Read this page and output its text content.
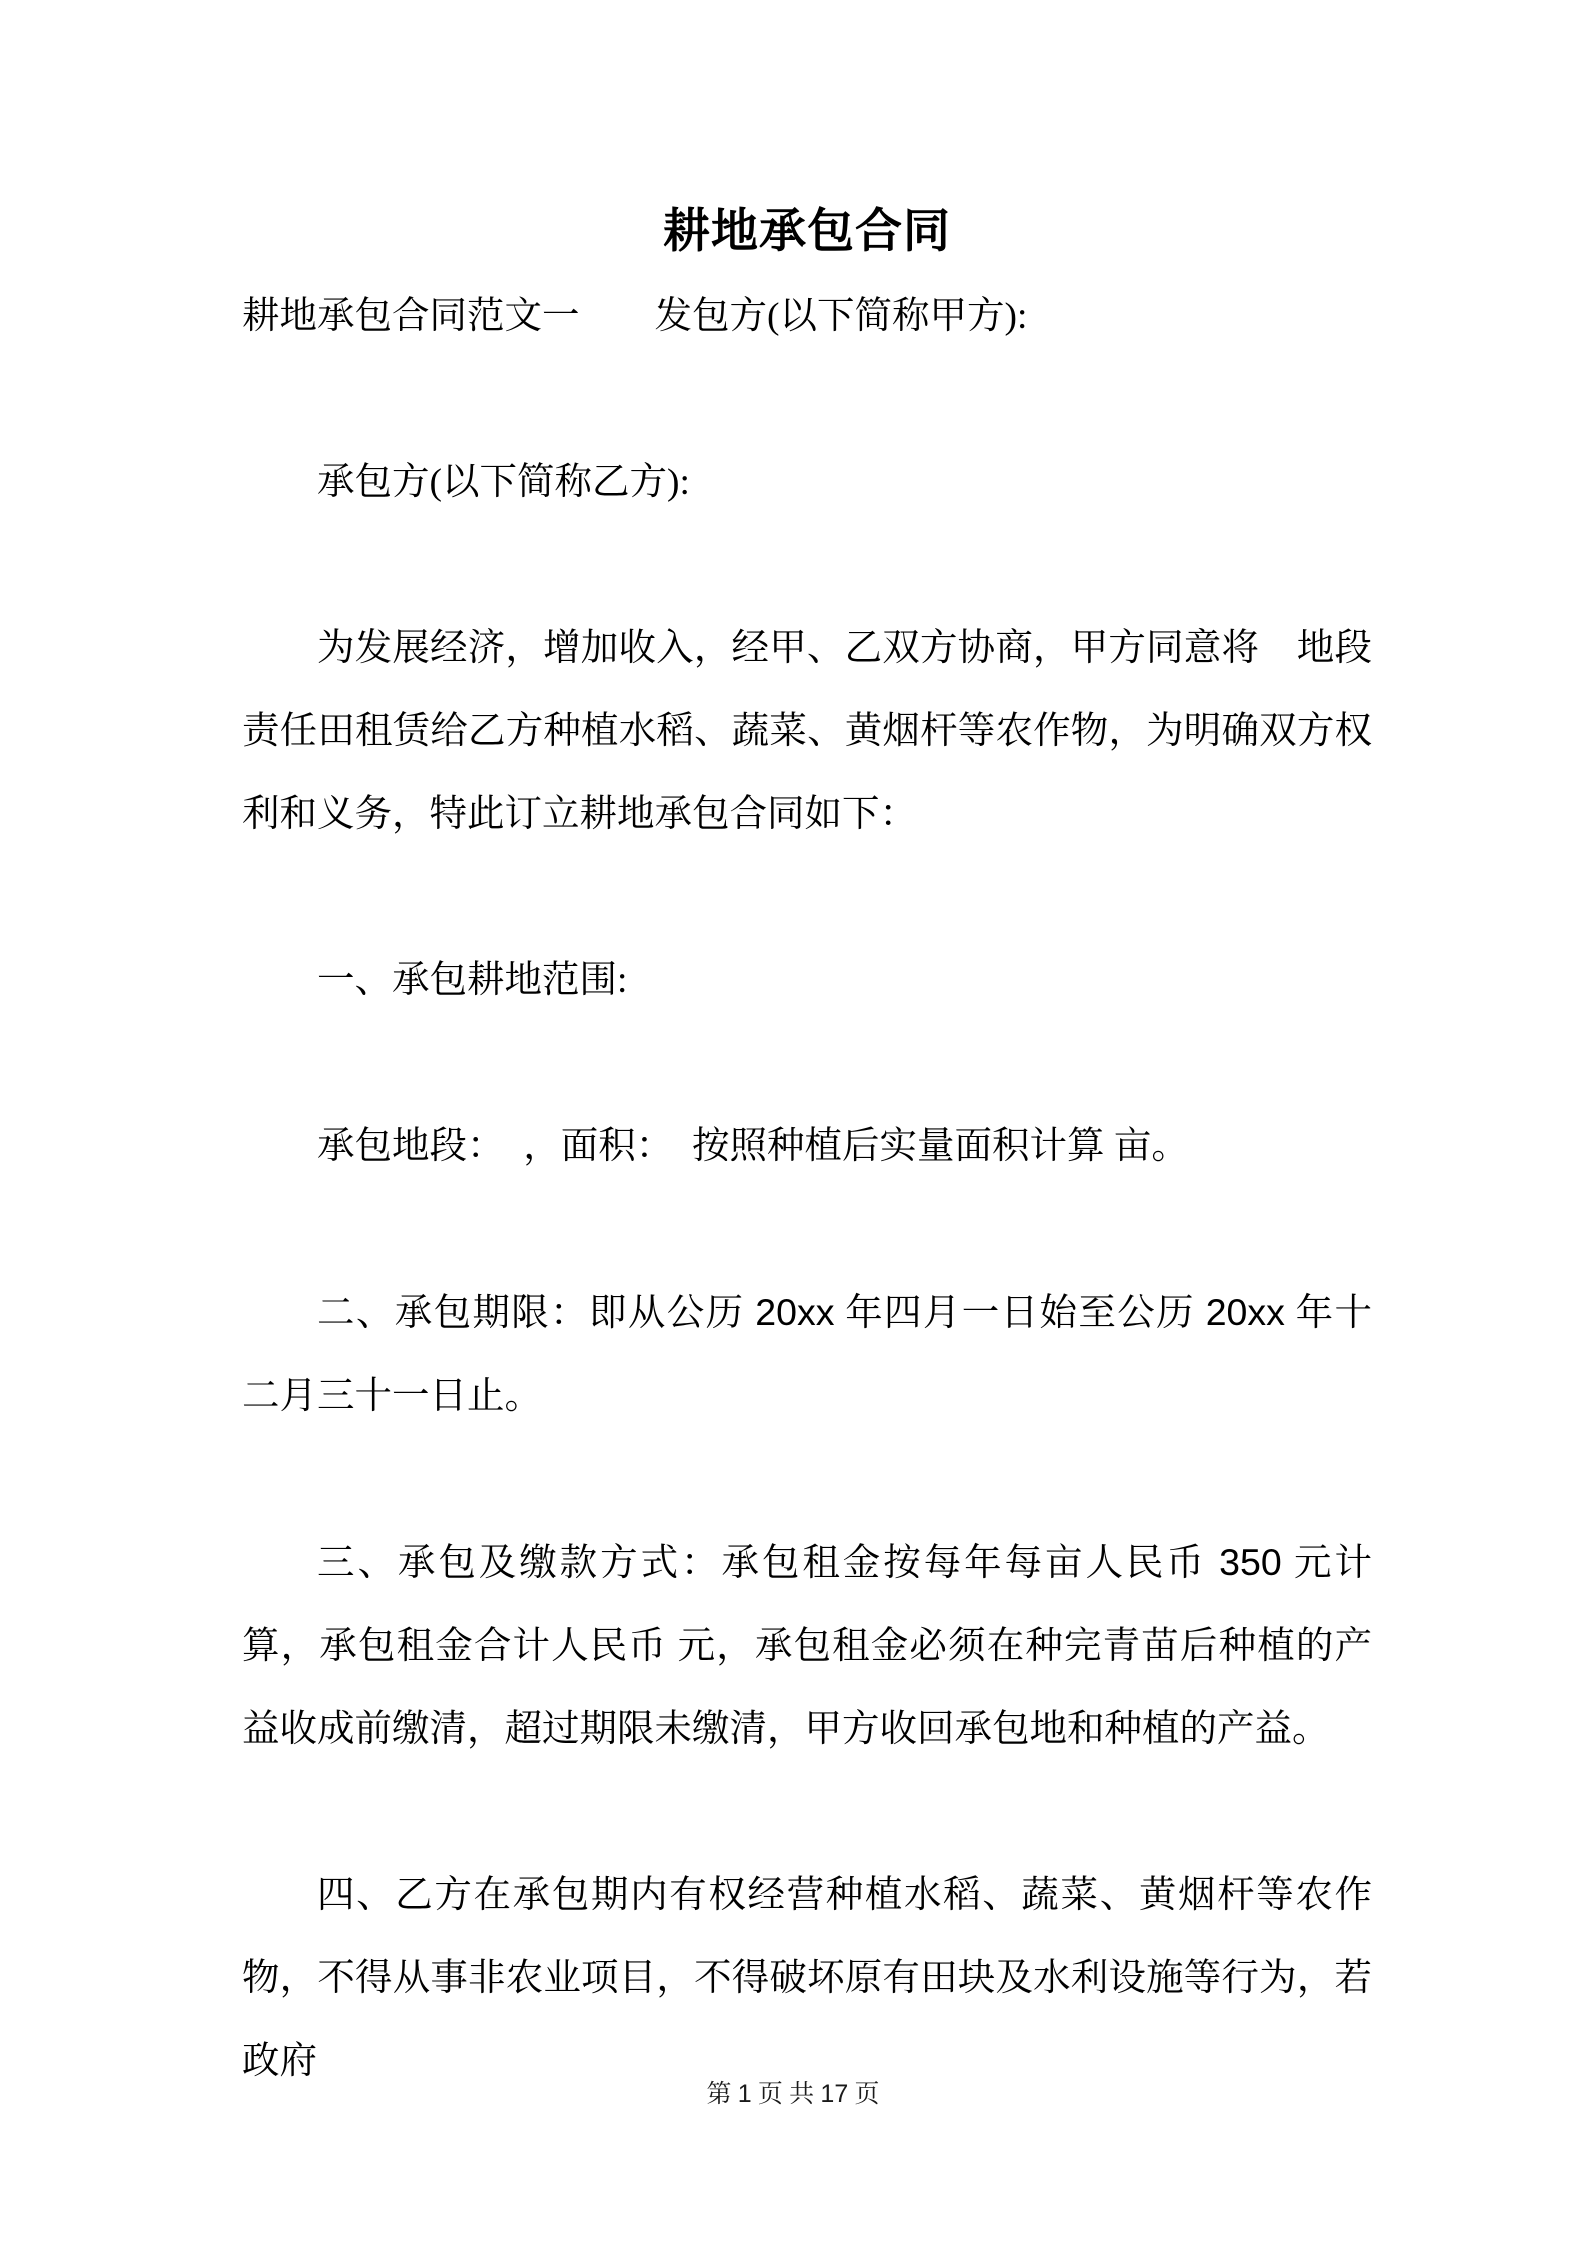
耕地承包合同

耕地承包合同范文一　　发包方(以下简称甲方):

承包方(以下简称乙方):

为发展经济，增加收入，经甲、乙双方协商，甲方同意将　地段责任田租赁给乙方种植水稻、蔬菜、黄烟杆等农作物，为明确双方权利和义务，特此订立耕地承包合同如下：

一、承包耕地范围:

承包地段：　，面积：　按照种植后实量面积计算 亩。

二、承包期限：即从公历 20xx 年四月一日始至公历 20xx 年十二月三十一日止。

三、承包及缴款方式：承包租金按每年每亩人民币 350 元计算，承包租金合计人民币 元，承包租金必须在种完青苗后种植的产益收成前缴清，超过期限未缴清，甲方收回承包地和种植的产益。

四、乙方在承包期内有权经营种植水稻、蔬菜、黄烟杆等农作物，不得从事非农业项目，不得破坏原有田块及水利设施等行为，若政府

第 1 页 共 17 页
